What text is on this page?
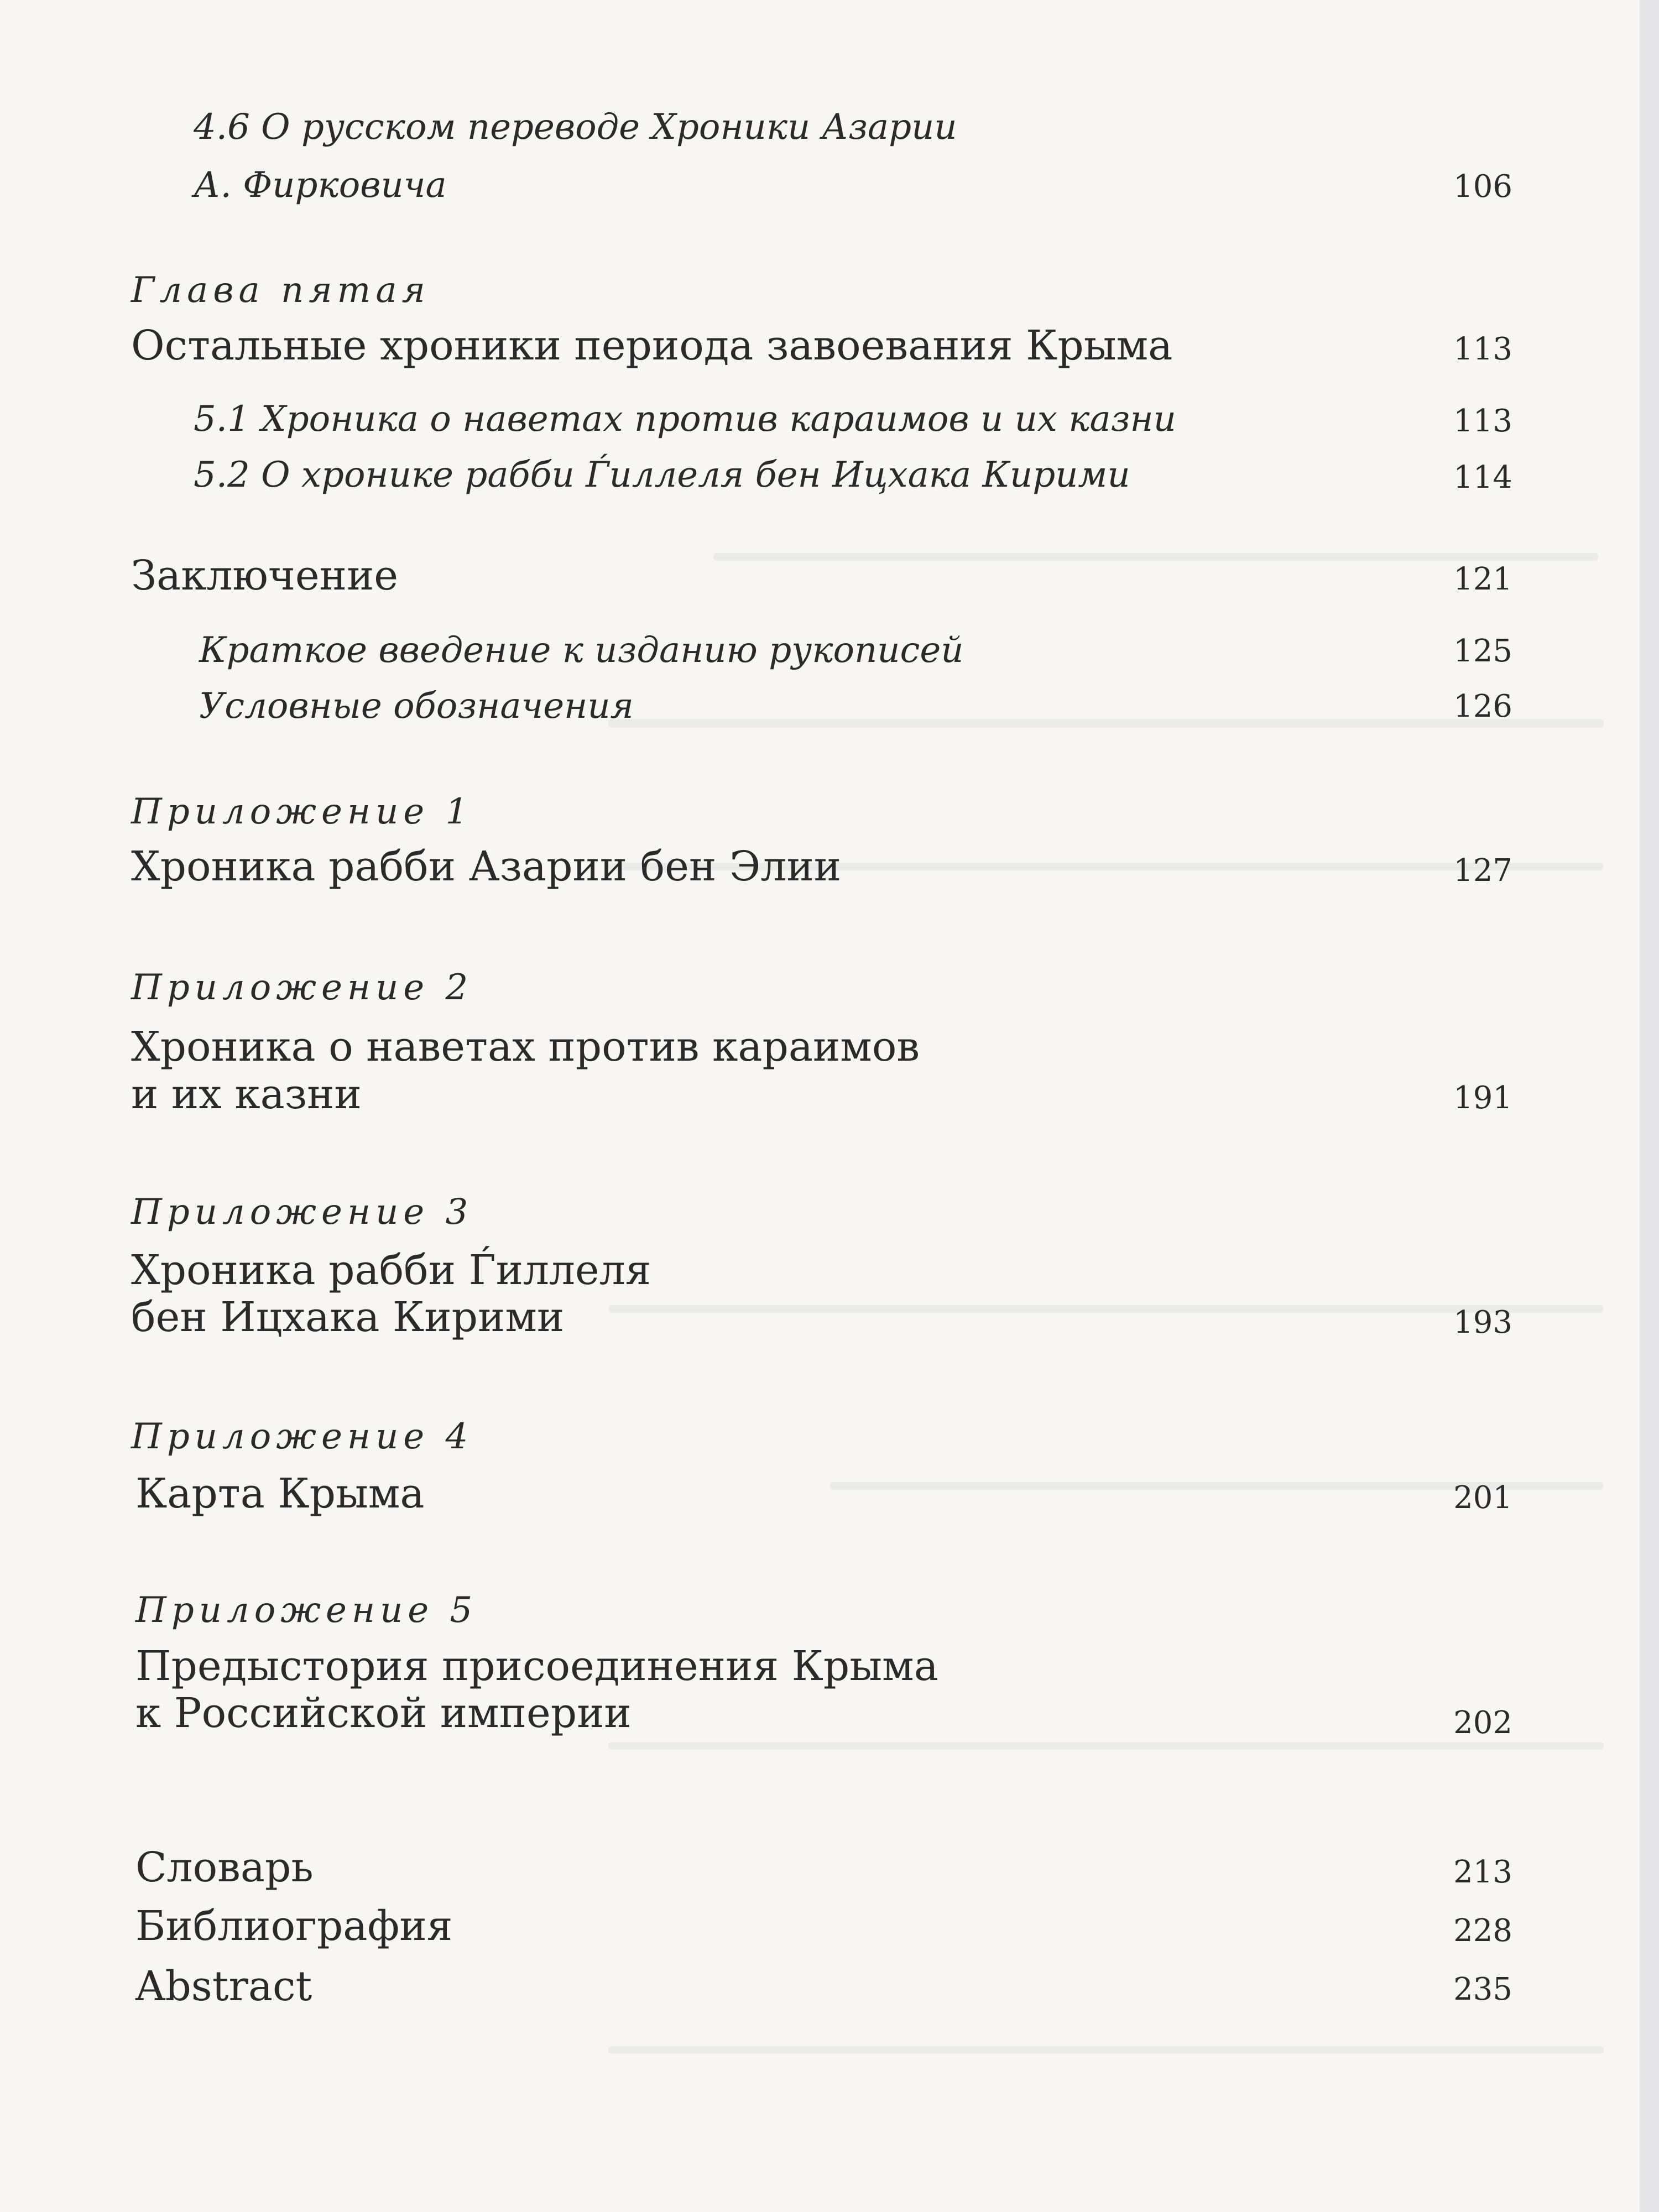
4.6 О русском переводе Хроники Азарии
А. Фирковича	106
Глава пятая
Остальные хроники периода завоевания Крыма	113
5.1 Хроника о наветах против караимов и их казни	113
5.2 О хронике рабби Ѓиллеля бен Ицхака Кирими	114
Заключение	121
Краткое введение к изданию рукописей	125
Условные обозначения	126
Приложение 1
Хроника рабби Азарии бен Элии	127
Приложение 2
Хроника о наветах против караимов
и их казни	191
Приложение 3
Хроника рабби Ѓиллеля
бен Ицхака Кирими	193
Приложение 4
Карта Крыма	201
Приложение 5
Предыстория присоединения Крыма
к Российской империи	202
Словарь	213
Библиография	228
Abstract	235
